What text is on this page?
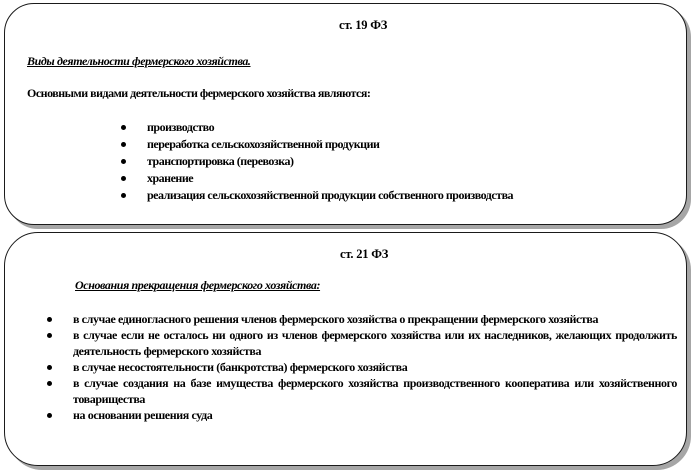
ст. 19 ФЗ
Виды деятельности фермерского хозяйства.
Основными видами деятельности фермерского хозяйства являются:
производство
переработка сельскохозяйственной продукции
транспортировка (перевозка)
хранение
реализация сельскохозяйственной продукции собственного производства
ст. 21 ФЗ
Основания прекращения фермерского хозяйства:
в случае единогласного решения членов фермерского хозяйства о прекращении фермерского хозяйства
в случае если не осталось ни одного из членов фермерского хозяйства или их наследников, желающих продолжить деятельность фермерского хозяйства
в случае несостоятельности (банкротства) фермерского хозяйства
в случае создания на базе имущества фермерского хозяйства производственного кооператива или хозяйственного товарищества
на основании решения суда
